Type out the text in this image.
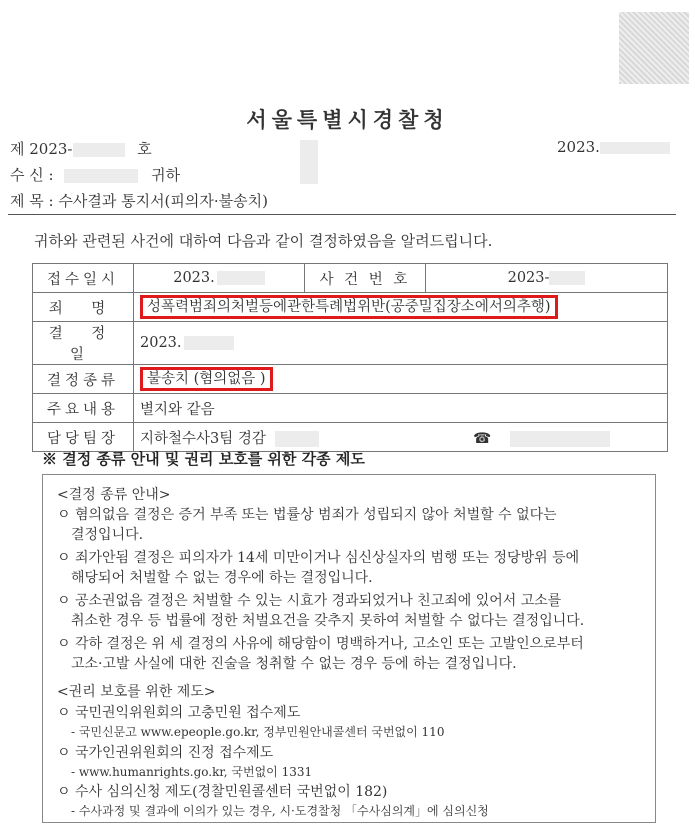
서울특별시경찰청
제 2023-	호	2023.
수 신 :	귀하
제 목 : 수사결과 통지서(피의자·불송치)
귀하와 관련된 사건에 대하여 다음과 같이 결정하였음을 알려드립니다.
접수일시	2023.	사 건 번 호	2023-
죄 명	성폭력범죄의처벌등에관한특례법위반(공중밀집장소에서의추행)		
결 정 일	2023.		
결정종류	불송치 (혐의없음 )		
주요내용	별지와 같음		
담당팀장	지하철수사3팀 경감 ☎		
※ 결정 종류 안내 및 권리 보호를 위한 각종 제도
<결정 종류 안내>
ㅇ 혐의없음 결정은 증거 부족 또는 법률상 범죄가 성립되지 않아 처벌할 수 없다는
결정입니다.
ㅇ 죄가안됨 결정은 피의자가 14세 미만이거나 심신상실자의 범행 또는 정당방위 등에
해당되어 처벌할 수 없는 경우에 하는 결정입니다.
ㅇ 공소권없음 결정은 처벌할 수 있는 시효가 경과되었거나 친고죄에 있어서 고소를
취소한 경우 등 법률에 정한 처벌요건을 갖추지 못하여 처벌할 수 없다는 결정입니다.
ㅇ 각하 결정은 위 세 결정의 사유에 해당함이 명백하거나, 고소인 또는 고발인으로부터
고소·고발 사실에 대한 진술을 청취할 수 없는 경우 등에 하는 결정입니다.
<권리 보호를 위한 제도>
ㅇ 국민권익위원회의 고충민원 접수제도
- 국민신문고 www.epeople.go.kr, 정부민원안내콜센터 국번없이 110
ㅇ 국가인권위원회의 진정 접수제도
- www.humanrights.go.kr, 국번없이 1331
ㅇ 수사 심의신청 제도(경찰민원콜센터 국번없이 182)
- 수사과정 및 결과에 이의가 있는 경우, 시·도경찰청 「수사심의계」에 심의신청
